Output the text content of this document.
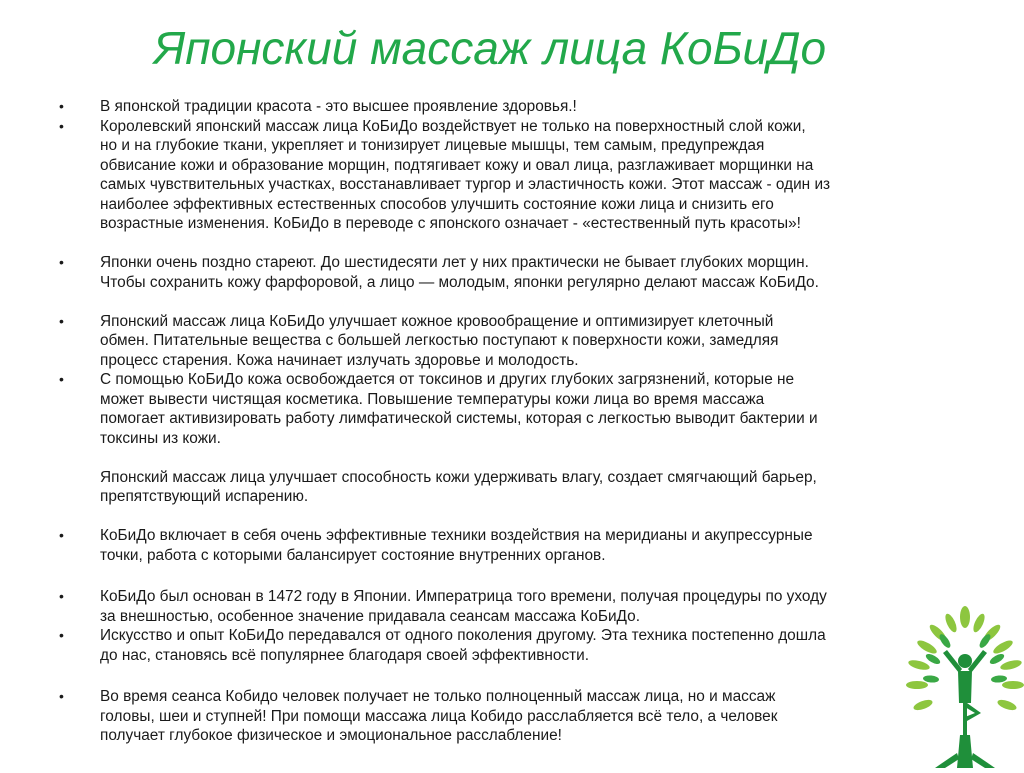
Японский массаж лица КоБиДо
• В японской традиции красота - это высшее проявление здоровья.!
• Королевский японский массаж лица КоБиДо воздействует не только на поверхностный слой кожи,
но и на глубокие ткани, укрепляет и тонизирует лицевые мышцы, тем самым, предупреждая
обвисание кожи и образование морщин, подтягивает кожу и овал лица, разглаживает морщинки на
самых чувствительных участках, восстанавливает тургор и эластичность кожи. Этот массаж - один из
наиболее эффективных естественных способов улучшить состояние кожи лица и снизить его
возрастные изменения. КоБиДо в переводе с японского означает - «естественный путь красоты»!
• Японки очень поздно стареют. До шестидесяти лет у них практически не бывает глубоких морщин.
Чтобы сохранить кожу фарфоровой, а лицо — молодым, японки регулярно делают массаж КоБиДо.
• Японский массаж лица КоБиДо улучшает кожное кровообращение и оптимизирует клеточный
обмен. Питательные вещества с большей легкостью поступают к поверхности кожи, замедляя
процесс старения. Кожа начинает излучать здоровье и молодость.
• С помощью КоБиДо кожа освобождается от токсинов и других глубоких загрязнений, которые не
может вывести чистящая косметика. Повышение температуры кожи лица во время массажа
помогает активизировать работу лимфатической системы, которая с легкостью выводит бактерии и
токсины из кожи.
Японский массаж лица улучшает способность кожи удерживать влагу, создает смягчающий барьер,
препятствующий испарению.
• КоБиДо включает в себя очень эффективные техники воздействия на меридианы и акупрессурные
точки, работа с которыми балансирует состояние внутренних органов.
• КоБиДо был основан в 1472 году в Японии. Императрица того времени, получая процедуры по уходу
за внешностью, особенное значение придавала сеансам массажа КоБиДо.
• Искусство и опыт КоБиДо передавался от одного поколения другому. Эта техника постепенно дошла
до нас, становясь всё популярнее благодаря своей эффективности.
• Во время сеанса Кобидо человек получает не только полноценный массаж лица, но и массаж
головы, шеи и ступней! При помощи массажа лица Кобидо расслабляется всё тело, а человек
получает глубокое физическое и эмоциональное расслабление!
